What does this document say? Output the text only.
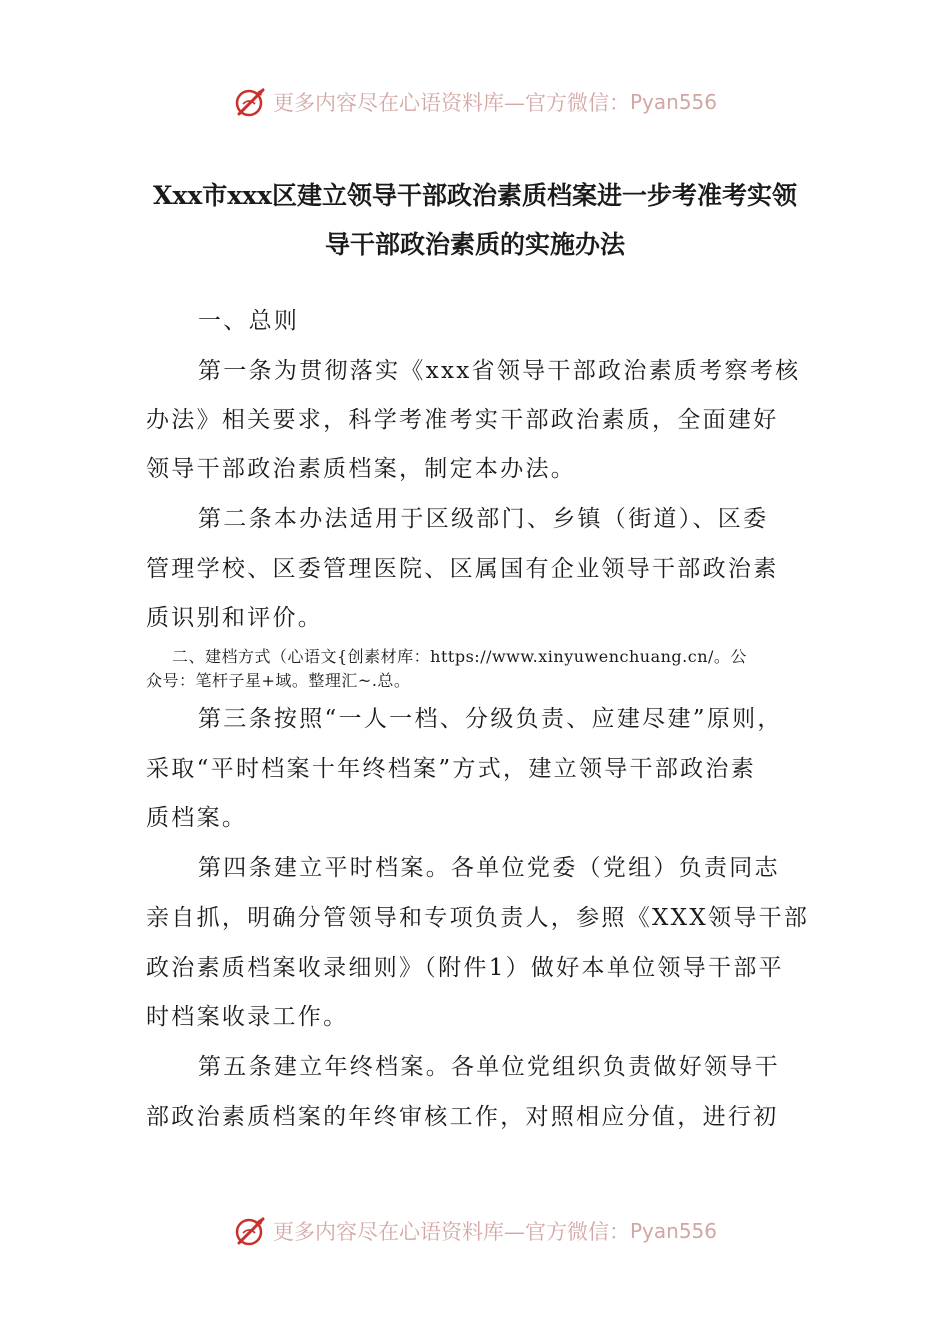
更多内容尽在心语资料库—官方微信： Pyan556
Xxx市xxx区建立领导干部政治素质档案进一步考准考实领
导干部政治素质的实施办法
一、总则
第一条为贯彻落实《xxx省领导干部政治素质考察考核
办法》相关要求，科学考准考实干部政治素质，全面建好
领导干部政治素质档案，制定本办法。
第二条本办法适用于区级部门、乡镇（街道）、区委
管理学校、区委管理医院、区属国有企业领导干部政治素
质识别和评价。
二、建档方式（心语文{创素材库：https://www.xinyuwenchuang.cn/。公
众号：笔杆子星+域。整理汇~.总。
第三条按照“一人一档、分级负责、应建尽建”原则，
采取“平时档案十年终档案”方式，建立领导干部政治素
质档案。
第四条建立平时档案。各单位党委（党组）负责同志
亲自抓，明确分管领导和专项负责人，参照《XXX领导干部
政治素质档案收录细则》（附件1）做好本单位领导干部平
时档案收录工作。
第五条建立年终档案。各单位党组织负责做好领导干
部政治素质档案的年终审核工作，对照相应分值，进行初
更多内容尽在心语资料库—官方微信： Pyan556
